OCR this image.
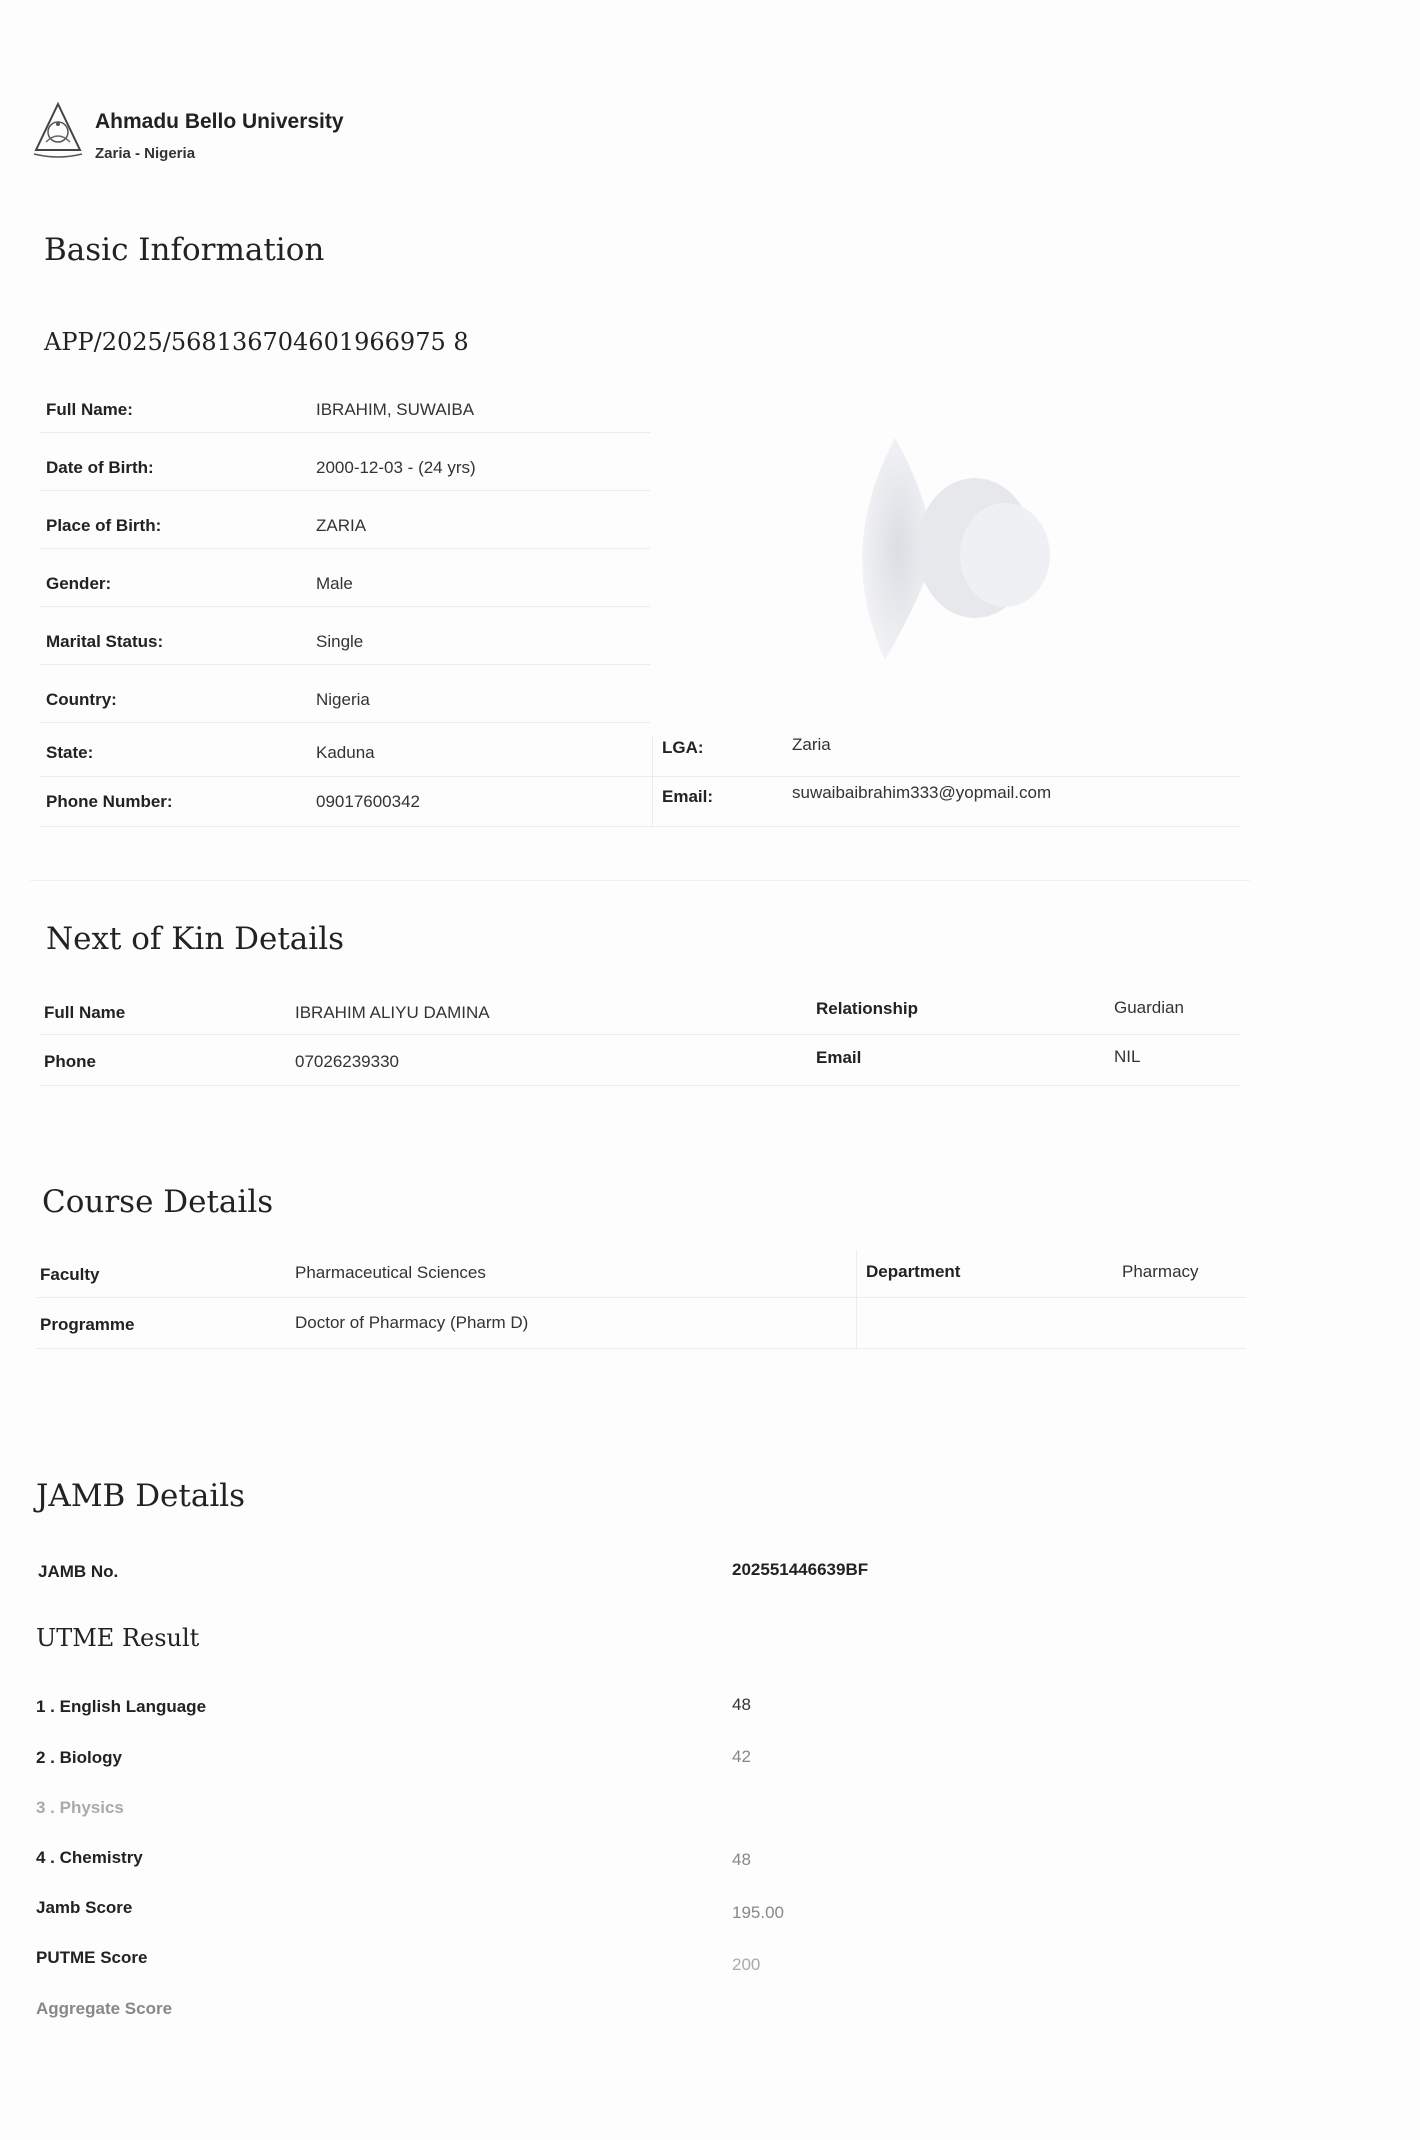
Ahmadu Bello University
Zaria - Nigeria
Basic Information
APP/2025/568136704601966975 8
Full Name:	IBRAHIM, SUWAIBA
Date of Birth:	2000-12-03 - (24 yrs)
Place of Birth:	ZARIA
Gender:	Male
Marital Status:	Single
Country:	Nigeria
State:	Kaduna
Phone Number:	09017600342
LGA:	Zaria
Email:	suwaibaibrahim333@yopmail.com
Next of Kin Details
Full Name	IBRAHIM ALIYU DAMINA	Relationship	Guardian
Phone	07026239330	Email	NIL
Course Details
Faculty	Pharmaceutical Sciences	Department	Pharmacy
Programme	Doctor of Pharmacy (Pharm D)
JAMB Details
JAMB No.	202551446639BF
UTME Result
1 . English Language	48
2 . Biology	42
3 . Physics
4 . Chemistry	48
Jamb Score	195.00
PUTME Score	200
Aggregate Score
